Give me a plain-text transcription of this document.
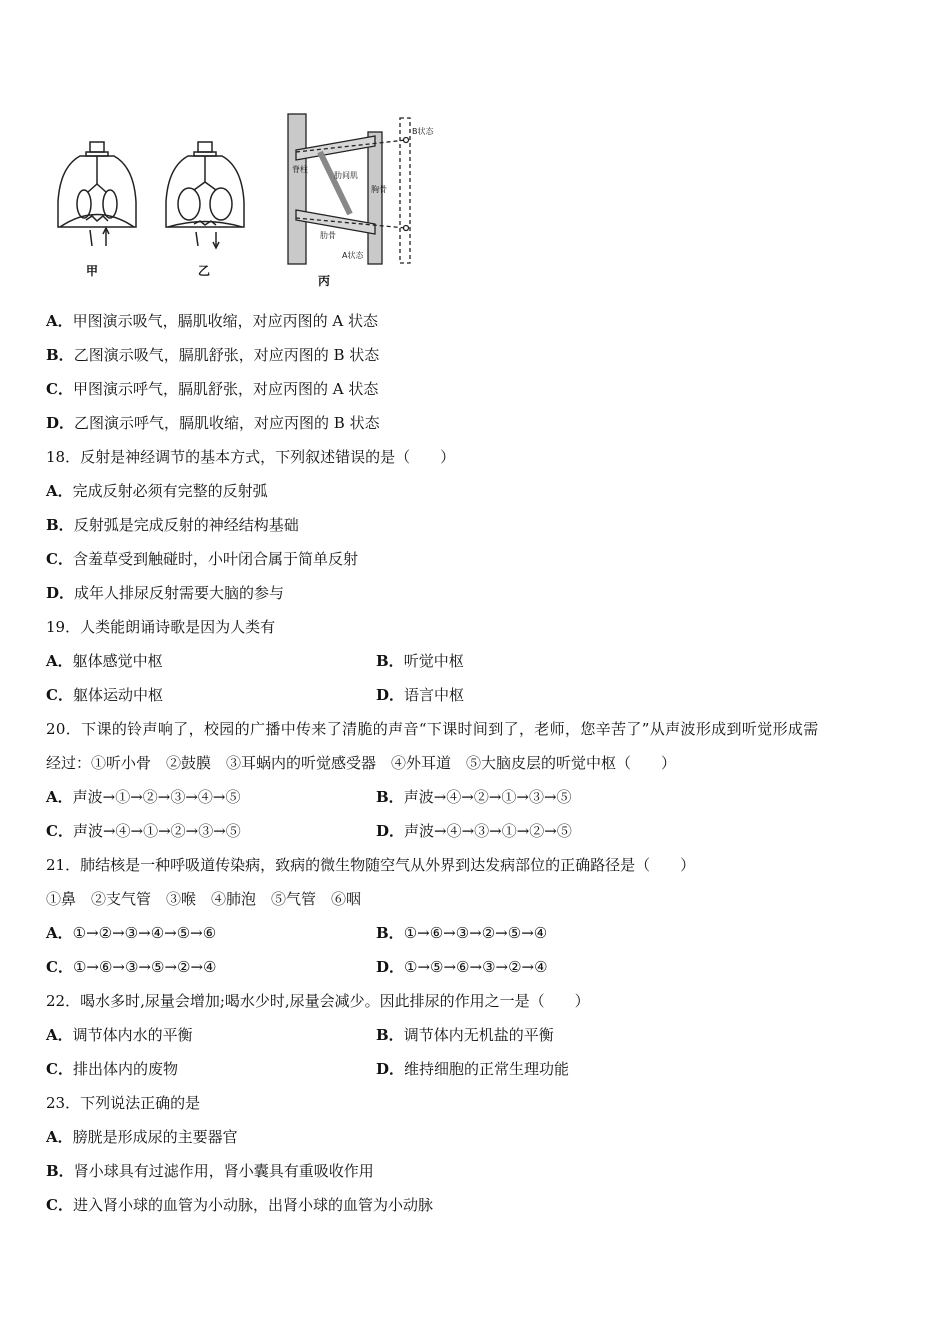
脊柱
肋间肌
胸骨
肋骨
B状态
A状态
甲	乙
丙
A．甲图演示吸气，膈肌收缩，对应丙图的 A 状态
B．乙图演示吸气，膈肌舒张，对应丙图的 B 状态
C．甲图演示呼气，膈肌舒张，对应丙图的 A 状态
D．乙图演示呼气，膈肌收缩，对应丙图的 B 状态
18．反射是神经调节的基本方式，下列叙述错误的是（　　）
A．完成反射必须有完整的反射弧
B．反射弧是完成反射的神经结构基础
C．含羞草受到触碰时，小叶闭合属于简单反射
D．成年人排尿反射需要大脑的参与
19．人类能朗诵诗歌是因为人类有
A．躯体感觉中枢	B．听觉中枢
C．躯体运动中枢	D．语言中枢
20．下课的铃声响了，校园的广播中传来了清脆的声音“下课时间到了，老师，您辛苦了”从声波形成到听觉形成需
经过：①听小骨　②鼓膜　③耳蜗内的听觉感受器　④外耳道　⑤大脑皮层的听觉中枢（　　）
A．声波→①→②→③→④→⑤	B．声波→④→②→①→③→⑤
C．声波→④→①→②→③→⑤	D．声波→④→③→①→②→⑤
21．肺结核是一种呼吸道传染病，致病的微生物随空气从外界到达发病部位的正确路径是（　　）
①鼻　②支气管　③喉　④肺泡　⑤气管　⑥咽
A．①→②→③→④→⑤→⑥	B．①→⑥→③→②→⑤→④
C．①→⑥→③→⑤→②→④	D．①→⑤→⑥→③→②→④
22．喝水多时,尿量会增加;喝水少时,尿量会减少。因此排尿的作用之一是（　　）
A．调节体内水的平衡	B．调节体内无机盐的平衡
C．排出体内的废物	D．维持细胞的正常生理功能
23．下列说法正确的是
A．膀胱是形成尿的主要器官
B．肾小球具有过滤作用，肾小囊具有重吸收作用
C．进入肾小球的血管为小动脉，出肾小球的血管为小动脉
